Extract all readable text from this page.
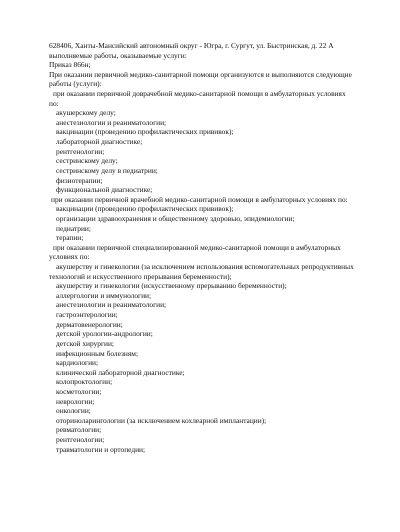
628406, Ханты-Мансийский автономный округ - Югра, г. Сургут, ул. Быстринская, д. 22 А
выполняемые работы, оказываемые услуги:
Приказ 866н;
При оказании первичной медико-санитарной помощи организуются и выполняются следующие
работы (услуги):
при оказании первичной доврачебной медико-санитарной помощи в амбулаторных условиях
по:
акушерскому делу;
анестезиологии и реаниматологии;
вакцинации (проведению профилактических прививок);
лабораторной диагностике;
рентгенологии;
сестринскому делу;
сестринскому делу в педиатрии;
физиотерапии;
функциональной диагностике;
при оказании первичной врачебной медико-санитарной помощи в амбулаторных условиях по:
вакцинации (проведению профилактических прививок);
организации здравоохранения и общественному здоровью, эпидемиологии;
педиатрии;
терапии;
при оказании первичной специализированной медико-санитарной помощи в амбулаторных
условиях по:
акушерству и гинекологии (за исключением использования вспомогательных репродуктивных
технологий и искусственного прерывания беременности);
акушерству и гинекологии (искусственному прерыванию беременности);
аллергологии и иммунологии;
анестезиологии и реаниматологии;
гастроэнтерологии;
дерматовенерологии;
детской урологии-андрологии;
детской хирургии;
инфекционным болезням;
кардиологии;
клинической лабораторной диагностике;
колопроктологии;
косметологии;
неврологии;
онкологии;
оториноларингологии (за исключением кохлеарной имплантации);
ревматологии;
рентгенологии;
травматологии и ортопедии;
